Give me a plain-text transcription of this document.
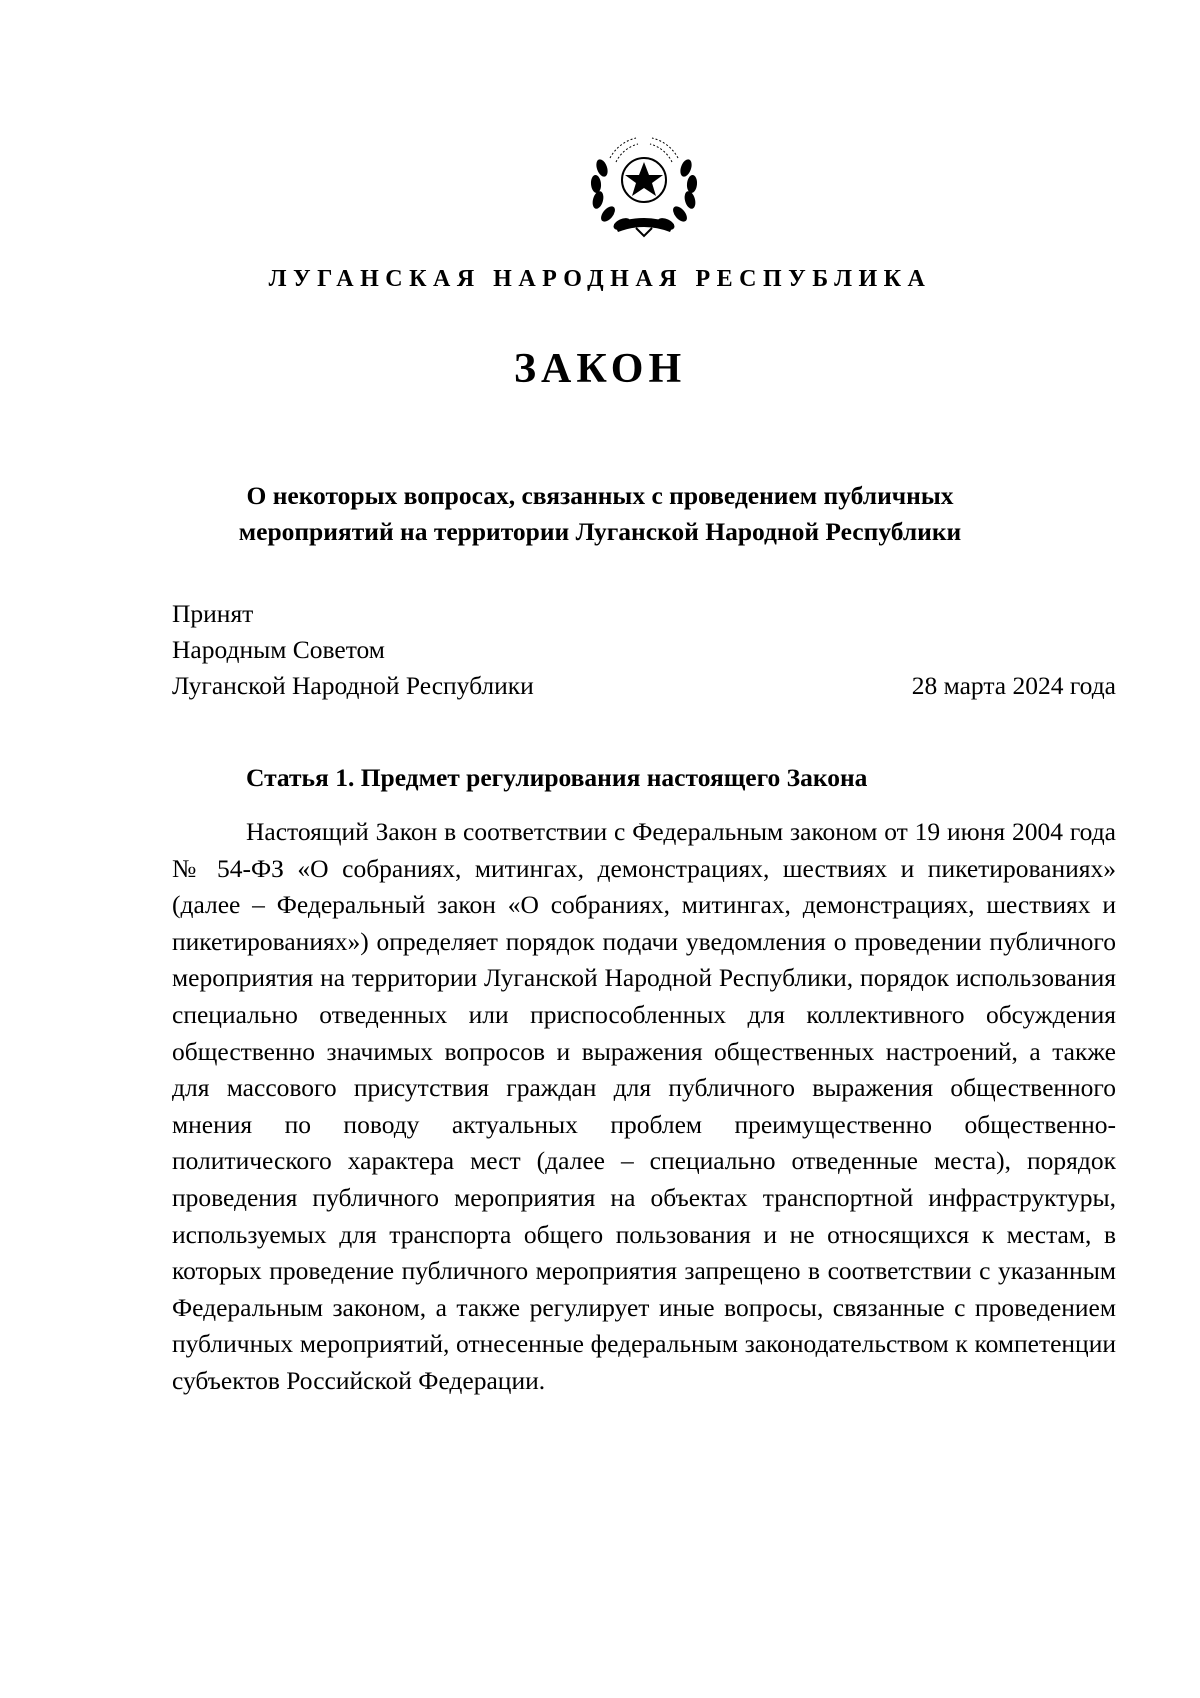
ЛУГАНСКАЯ НАРОДНАЯ РЕСПУБЛИКА
ЗАКОН
О некоторых вопросах, связанных с проведением публичных мероприятий на территории Луганской Народной Республики
Принят
Народным Советом
Луганской Народной Республики	28 марта 2024 года
Статья 1. Предмет регулирования настоящего Закона

Настоящий Закон в соответствии с Федеральным законом от 19 июня 2004 года № 54-ФЗ «О собраниях, митингах, демонстрациях, шествиях и пикетированиях» (далее – Федеральный закон «О собраниях, митингах, демонстрациях, шествиях и пикетированиях») определяет порядок подачи уведомления о проведении публичного мероприятия на территории Луганской Народной Республики, порядок использования специально отведенных или приспособленных для коллективного обсуждения общественно значимых вопросов и выражения общественных настроений, а также для массового присутствия граждан для публичного выражения общественного мнения по поводу актуальных проблем преимущественно общественно-политического характера мест (далее – специально отведенные места), порядок проведения публичного мероприятия на объектах транспортной инфраструктуры, используемых для транспорта общего пользования и не относящихся к местам, в которых проведение публичного мероприятия запрещено в соответствии с указанным Федеральным законом, а также регулирует иные вопросы, связанные с проведением публичных мероприятий, отнесенные федеральным законодательством к компетенции субъектов Российской Федерации.
